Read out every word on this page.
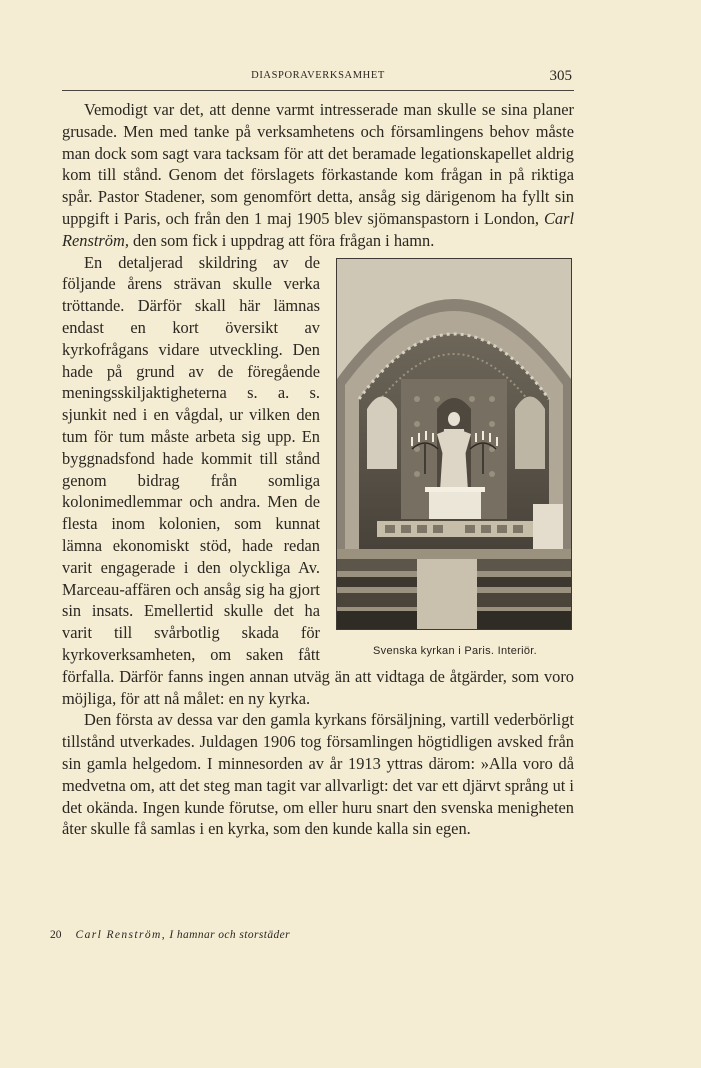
DIASPORAVERKSAMHET	305

Vemodigt var det, att denne varmt intresserade man skulle se sina planer grusade. Men med tanke på verksamhetens och församlingens behov måste man dock som sagt vara tacksam för att det beramade legationskapellet aldrig kom till stånd. Genom det förslagets förkastande kom frågan in på riktiga spår. Pastor Stadener, som genomfört detta, ansåg sig därigenom ha fyllt sin uppgift i Paris, och från den 1 maj 1905 blev sjömanspastorn i London, Carl Renström, den som fick i uppdrag att föra frågan i hamn.

Svenska kyrkan i Paris. Interiör.

En detaljerad skildring av de följande årens strävan skulle verka tröttande. Därför skall här lämnas endast en kort översikt av kyrkofrågans vidare utveckling. Den hade på grund av de föregående meningsskiljaktigheterna s. a. s. sjunkit ned i en vågdal, ur vilken den tum för tum måste arbeta sig upp. En byggnadsfond hade kommit till stånd genom bidrag från somliga kolonimedlemmar och andra. Men de flesta inom kolonien, som kunnat lämna ekonomiskt stöd, hade redan varit engagerade i den olyckliga Av. Marceau-affären och ansåg sig ha gjort sin insats. Emellertid skulle det ha varit till svårbotlig skada för kyrkoverksamheten, om saken fått förfalla. Därför fanns ingen annan utväg än att vidtaga de åtgärder, som voro möjliga, för att nå målet: en ny kyrka.

Den första av dessa var den gamla kyrkans försäljning, vartill vederbörligt tillstånd utverkades. Juldagen 1906 tog församlingen högtidligen avsked från sin gamla helgedom. I minnesorden av år 1913 yttras därom: »Alla voro då medvetna om, att det steg man tagit var allvarligt: det var ett djärvt språng ut i det okända. Ingen kunde förutse, om eller huru snart den svenska menigheten åter skulle få samlas i en kyrka, som den kunde kalla sin egen.

20 Carl Renström, I hamnar och storstäder
